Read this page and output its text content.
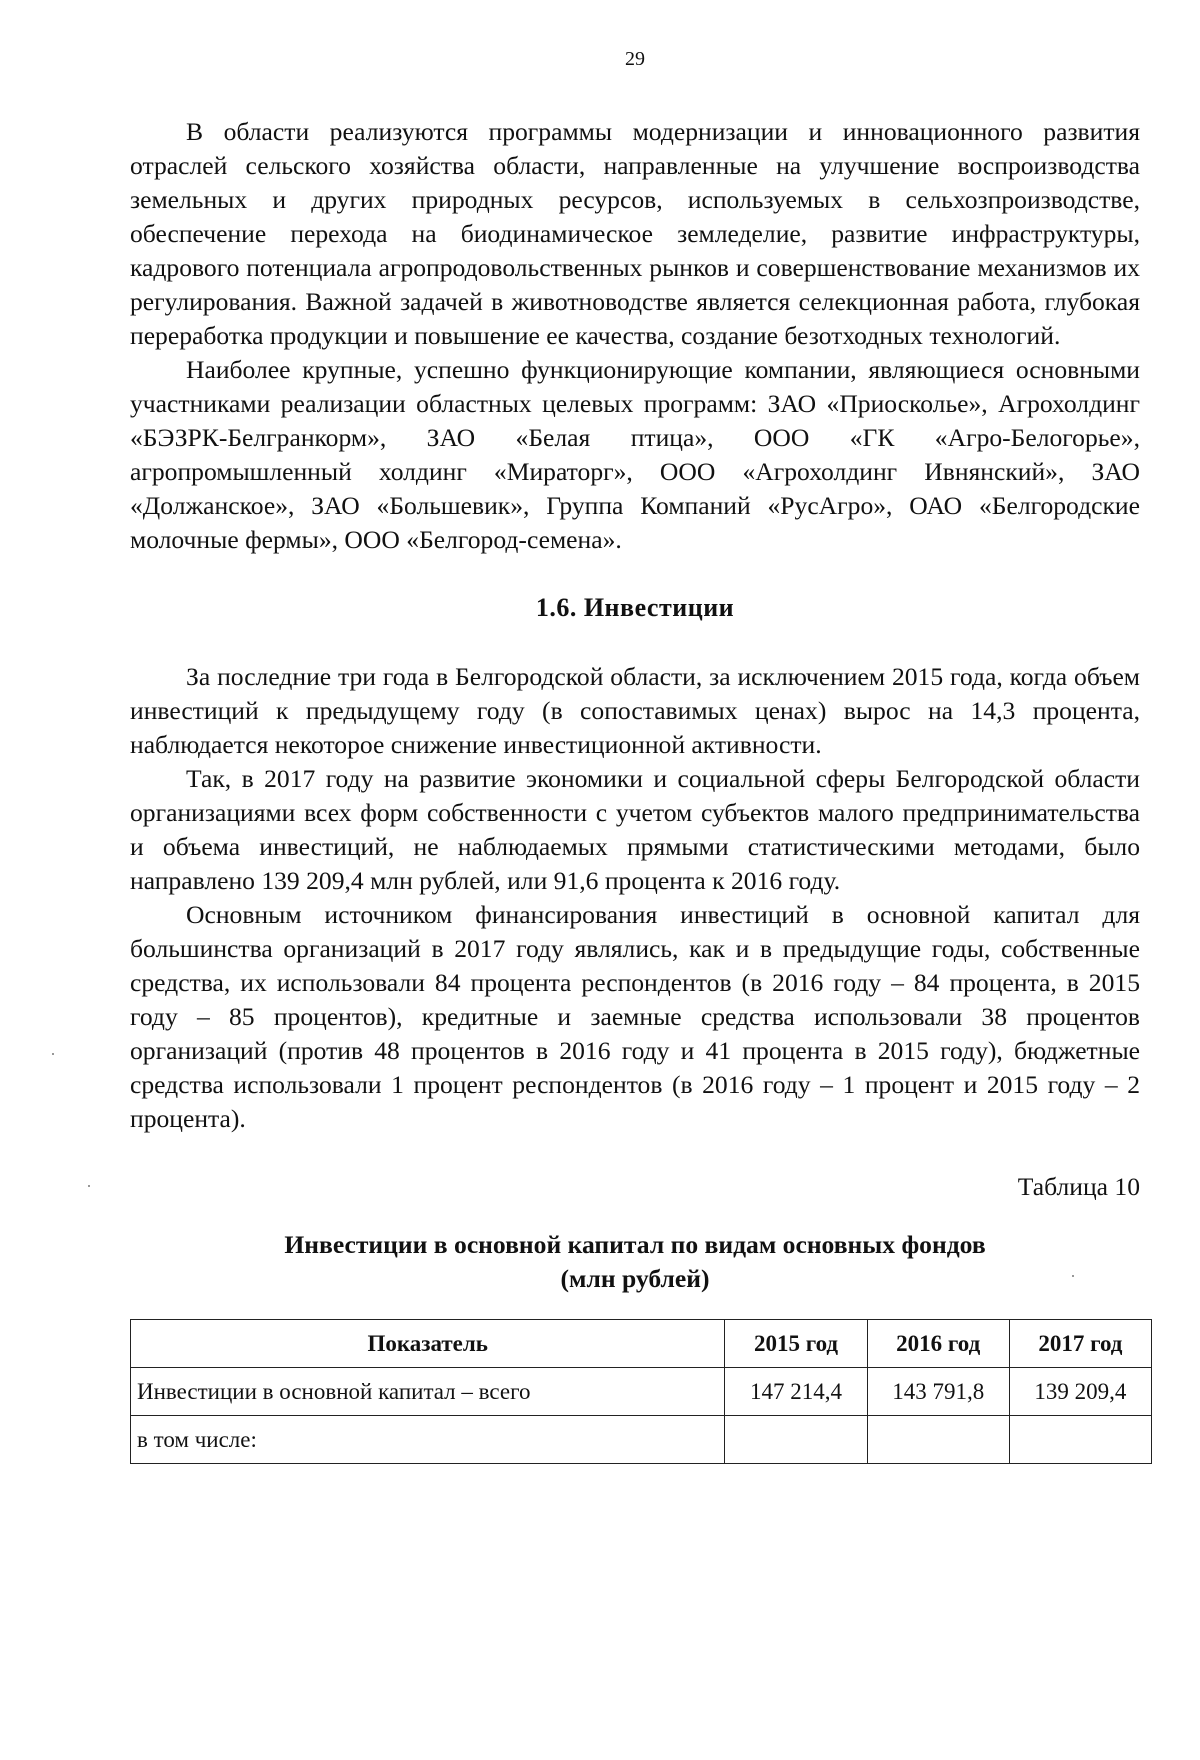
29

В области реализуются программы модернизации и инновационного развития отраслей сельского хозяйства области, направленные на улучшение воспроизводства земельных и других природных ресурсов, используемых в сельхозпроизводстве, обеспечение перехода на биодинамическое земледелие, развитие инфраструктуры, кадрового потенциала агропродовольственных рынков и совершенствование механизмов их регулирования. Важной задачей в животноводстве является селекционная работа, глубокая переработка продукции и повышение ее качества, создание безотходных технологий.

Наиболее крупные, успешно функционирующие компании, являющиеся основными участниками реализации областных целевых программ: ЗАО «Приосколье», Агрохолдинг «БЭЗРК-Белгранкорм», ЗАО «Белая птица», ООО «ГК «Агро-Белогорье», агропромышленный холдинг «Мираторг», ООО «Агрохолдинг Ивнянский», ЗАО «Должанское», ЗАО «Большевик», Группа Компаний «РусАгро», ОАО «Белгородские молочные фермы», ООО «Белгород-семена».

1.6. Инвестиции

За последние три года в Белгородской области, за исключением 2015 года, когда объем инвестиций к предыдущему году (в сопоставимых ценах) вырос на 14,3 процента, наблюдается некоторое снижение инвестиционной активности.

Так, в 2017 году на развитие экономики и социальной сферы Белгородской области организациями всех форм собственности с учетом субъектов малого предпринимательства и объема инвестиций, не наблюдаемых прямыми статистическими методами, было направлено 139 209,4 млн рублей, или 91,6 процента к 2016 году.

Основным источником финансирования инвестиций в основной капитал для большинства организаций в 2017 году являлись, как и в предыдущие годы, собственные средства, их использовали 84 процента респондентов (в 2016 году – 84 процента, в 2015 году – 85 процентов), кредитные и заемные средства использовали 38 процентов организаций (против 48 процентов в 2016 году и 41 процента в 2015 году), бюджетные средства использовали 1 процент респондентов (в 2016 году – 1 процент и 2015 году – 2 процента).

Таблица 10
Инвестиции в основной капитал по видам основных фондов
(млн рублей)
Показатель	2015 год	2016 год	2017 год
Инвестиции в основной капитал – всего	147 214,4	143 791,8	139 209,4
в том числе:			
